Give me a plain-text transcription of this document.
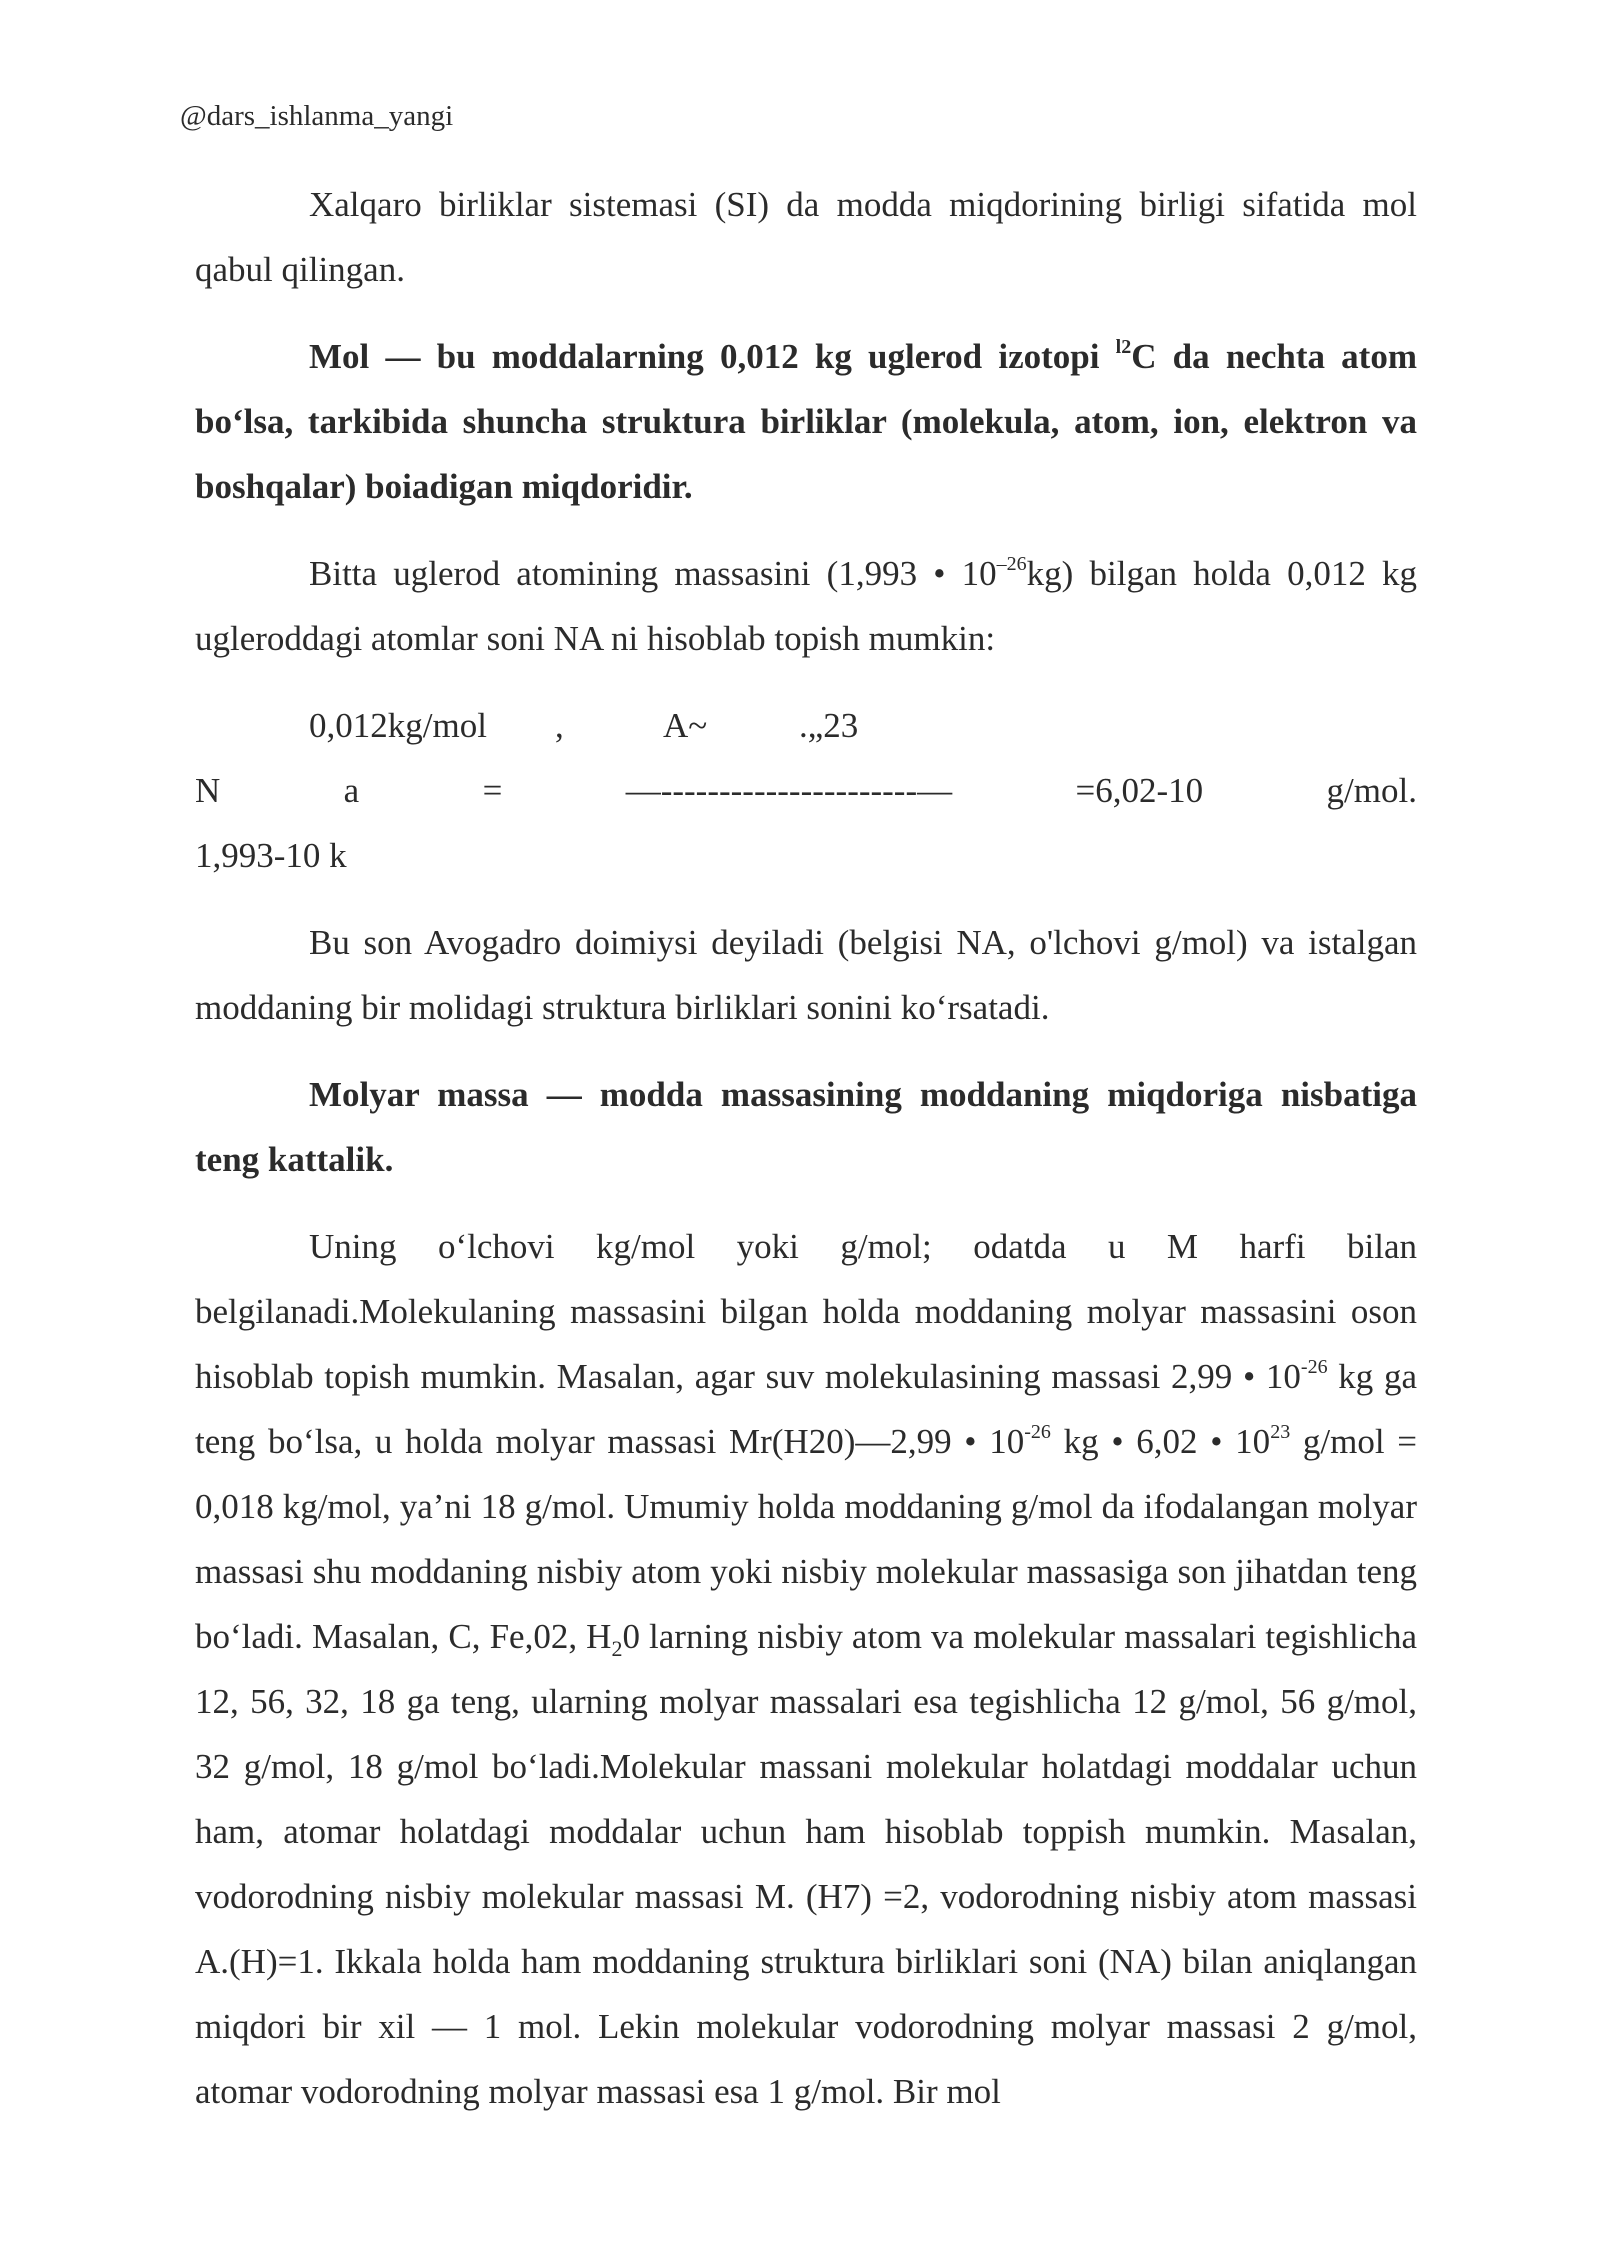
@dars_ishlanma_yangi

Xalqaro birliklar sistemasi (SI) da modda miqdorining birligi sifatida mol qabul qilingan.

Mol — bu moddalarning 0,012 kg uglerod izotopi $^{l2}$C da nechta atom bo‘lsa, tarkibida shuncha struktura birliklar (molekula, atom, ion, elektron va boshqalar) boiadigan miqdoridir.

Bitta uglerod atomining massasini (1,993 • $10^{-26}kg$) bilgan holda 0,012 kg ugleroddagi atomlar soni NA ni hisoblab topish mumkin:

0,012kg/mol	,	A~	.„23
N	a	=	—----------------------—	=6,02-10	g/mol.
1,993-10 k

Bu son Avogadro doimiysi deyiladi (belgisi NA, o'lchovi g/mol) va istalgan moddaning bir molidagi struktura birliklari sonini ko‘rsatadi.

Molyar massa — modda massasining moddaning miqdoriga nisbatiga teng kattalik.

Uning o‘lchovi kg/mol yoki g/mol; odatda u M harfi bilan belgilanadi.Molekulaning massasini bilgan holda moddaning molyar massasini oson hisoblab topish mumkin. Masalan, agar suv molekulasining massasi 2,99 • $10^{-26}$ kg ga teng bo‘lsa, u holda molyar massasi Mr(H20)—2,99 • $10^{-26}$ kg • 6,02 • $10^{23}$ g/mol = 0,018 kg/mol, ya’ni 18 g/mol. Umumiy holda moddaning g/mol da ifodalangan molyar massasi shu moddaning nisbiy atom yoki nisbiy molekular massasiga son jihatdan teng bo‘ladi. Masalan, C, Fe,02, $H_20$ larning nisbiy atom va molekular massalari tegishlicha 12, 56, 32, 18 ga teng, ularning molyar massalari esa tegishlicha 12 g/mol, 56 g/mol, 32 g/mol, 18 g/mol bo‘ladi.Molekular massani molekular holatdagi moddalar uchun ham, atomar holatdagi moddalar uchun ham hisoblab toppish mumkin. Masalan, vodorodning nisbiy molekular massasi M. (H7) =2, vodorodning nisbiy atom massasi A.(H)=1. Ikkala holda ham moddaning struktura birliklari soni (NA) bilan aniqlangan miqdori bir xil — 1 mol. Lekin molekular vodorodning molyar massasi 2 g/mol, atomar vodorodning molyar massasi esa 1 g/mol. Bir mol
